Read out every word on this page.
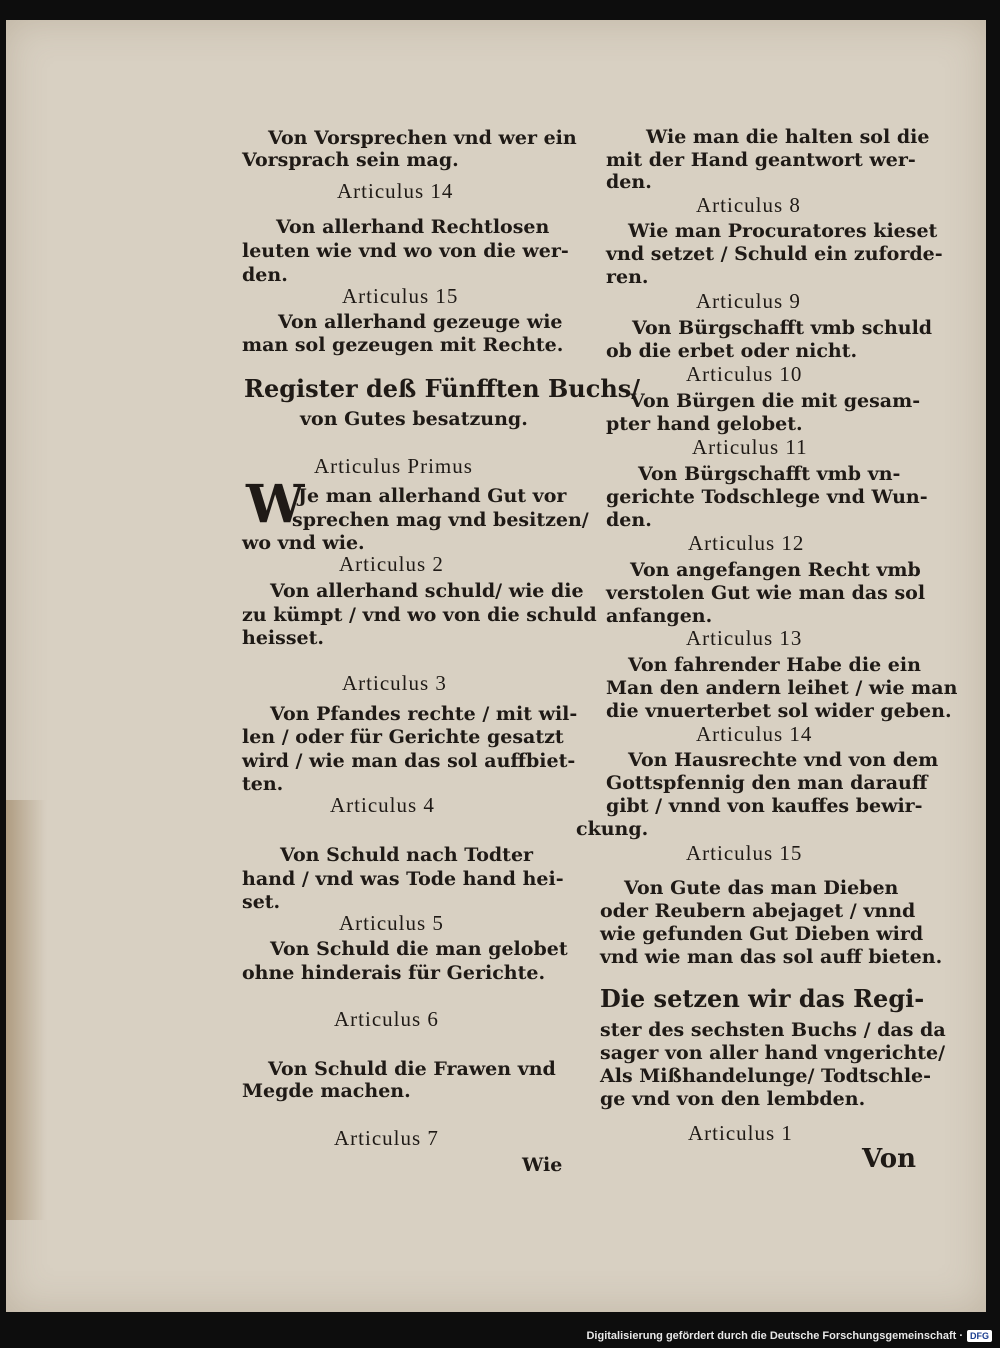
Von Vorsprechen vnd wer ein
Vorsprach sein mag.
Articulus 14
Von allerhand Rechtlosen
leuten wie vnd wo von die wer-
den.
Articulus 15
Von allerhand gezeuge wie
man sol gezeugen mit Rechte.
Register deß Fünfften Buchs/
von Gutes besatzung.
Articulus Primus
W
Je man allerhand Gut vor
sprechen mag vnd besitzen/
wo vnd wie.
Articulus 2
Von allerhand schuld/ wie die
zu kümpt / vnd wo von die schuld
heisset.
Articulus 3
Von Pfandes rechte / mit wil-
len / oder für Gerichte gesatzt
wird / wie man das sol auffbiet-
ten.
Articulus 4
Von Schuld nach Todter
hand / vnd was Tode hand hei-
set.
Articulus 5
Von Schuld die man gelobet
ohne hinderais für Gerichte.
Articulus 6
Von Schuld die Frawen vnd
Megde machen.
Articulus 7
Wie
Wie man die halten sol die
mit der Hand geantwort wer-
den.
Articulus 8
Wie man Procuratores kieset
vnd setzet / Schuld ein zuforde-
ren.
Articulus 9
Von Bürgschafft vmb schuld
ob die erbet oder nicht.
Articulus 10
Von Bürgen die mit gesam-
pter hand gelobet.
Articulus 11
Von Bürgschafft vmb vn-
gerichte Todschlege vnd Wun-
den.
Articulus 12
Von angefangen Recht vmb
verstolen Gut wie man das sol
anfangen.
Articulus 13
Von fahrender Habe die ein
Man den andern leihet / wie man
die vnuerterbet sol wider geben.
Articulus 14
Von Hausrechte vnd von dem
Gottspfennig den man darauff
gibt / vnnd von kauffes bewir-
ckung.
Articulus 15
Von Gute das man Dieben
oder Reubern abejaget / vnnd
wie gefunden Gut Dieben wird
vnd wie man das sol auff bieten.
Die setzen wir das Regi-
ster des sechsten Buchs / das da
sager von aller hand vngerichte/
Als Mißhandelunge/ Todtschle-
ge vnd von den lembden.
Articulus 1
Von
Digitalisierung gefördert durch die Deutsche Forschungsgemeinschaft · DFG
